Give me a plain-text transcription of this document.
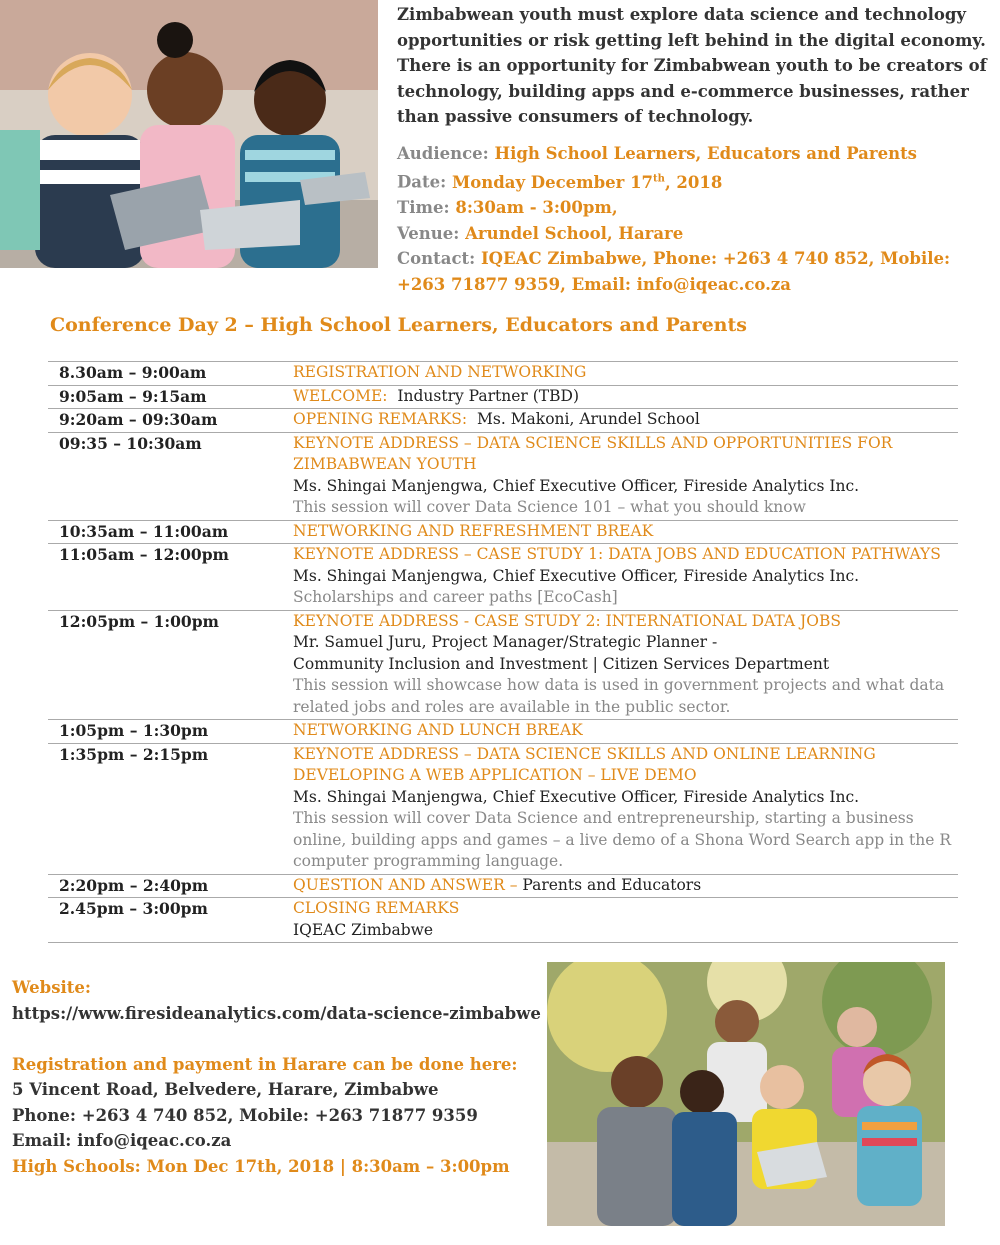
Zimbabwean youth must explore data science and technology opportunities or risk getting left behind in the digital economy. There is an opportunity for Zimbabwean youth to be creators of technology, building apps and e-commerce businesses, rather than passive consumers of technology.
Audience: High School Learners, Educators and Parents
Date: Monday December 17th, 2018
Time: 8:30am - 3:00pm,
Venue: Arundel School, Harare
Contact: IQEAC Zimbabwe, Phone: +263 4 740 852, Mobile: +263 71877 9359, Email: info@iqeac.co.za
Conference Day 2 – High School Learners, Educators and Parents
8.30am – 9:00am	REGISTRATION AND NETWORKING
9:05am – 9:15am	WELCOME:  Industry Partner (TBD)
9:20am – 09:30am	OPENING REMARKS:  Ms. Makoni, Arundel School
09:35 – 10:30am	KEYNOTE ADDRESS – DATA SCIENCE SKILLS AND OPPORTUNITIES FOR ZIMBABWEAN YOUTH
Ms. Shingai Manjengwa, Chief Executive Officer, Fireside Analytics Inc.
This session will cover Data Science 101 – what you should know
10:35am – 11:00am	NETWORKING AND REFRESHMENT BREAK
11:05am – 12:00pm	KEYNOTE ADDRESS – CASE STUDY 1: DATA JOBS AND EDUCATION PATHWAYS
Ms. Shingai Manjengwa, Chief Executive Officer, Fireside Analytics Inc.
Scholarships and career paths [EcoCash]
12:05pm – 1:00pm	KEYNOTE ADDRESS - CASE STUDY 2: INTERNATIONAL DATA JOBS
Mr. Samuel Juru, Project Manager/Strategic Planner -
Community Inclusion and Investment | Citizen Services Department
This session will showcase how data is used in government projects and what data related jobs and roles are available in the public sector.
1:05pm – 1:30pm	NETWORKING AND LUNCH BREAK
1:35pm – 2:15pm	KEYNOTE ADDRESS – DATA SCIENCE SKILLS AND ONLINE LEARNING
DEVELOPING A WEB APPLICATION – LIVE DEMO
Ms. Shingai Manjengwa, Chief Executive Officer, Fireside Analytics Inc.
This session will cover Data Science and entrepreneurship, starting a business online, building apps and games – a live demo of a Shona Word Search app in the R computer programming language.
2:20pm – 2:40pm	QUESTION AND ANSWER – Parents and Educators
2.45pm – 3:00pm	CLOSING REMARKS
IQEAC Zimbabwe
Website:
https://www.firesideanalytics.com/data-science-zimbabwe
Registration and payment in Harare can be done here:
5 Vincent Road, Belvedere, Harare, Zimbabwe
Phone: +263 4 740 852, Mobile: +263 71877 9359
Email: info@iqeac.co.za
High Schools: Mon Dec 17th, 2018 | 8:30am – 3:00pm
